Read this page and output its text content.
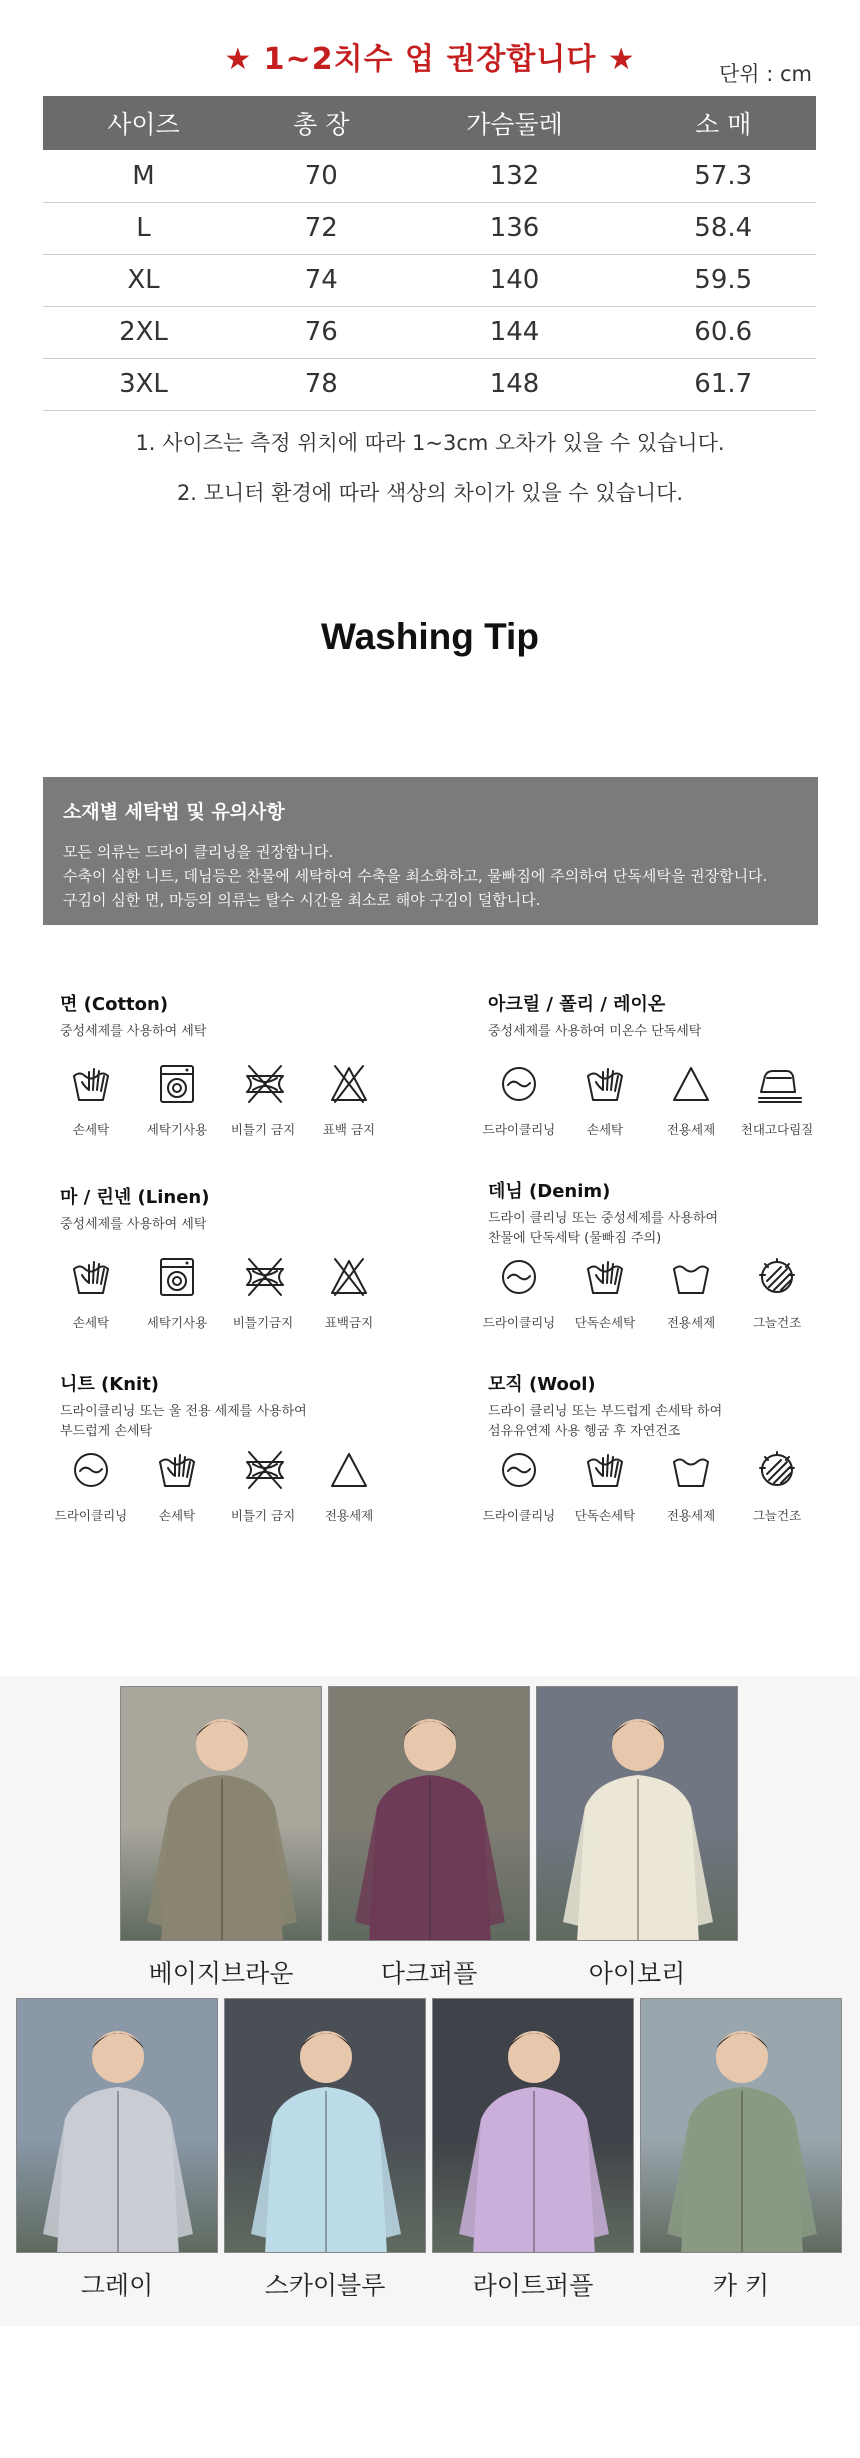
★ 1~2치수 업 권장합니다 ★	단위 : cm
사이즈	총 장	가슴둘레	소 매
M	70	132	57.3
L	72	136	58.4
XL	74	140	59.5
2XL	76	144	60.6
3XL	78	148	61.7
1. 사이즈는 측정 위치에 따라 1~3cm 오차가 있을 수 있습니다.
2. 모니터 환경에 따라 색상의 차이가 있을 수 있습니다.
Washing Tip
소재별 세탁법 및 유의사항
모든 의류는 드라이 클리닝을 권장합니다.
수축이 심한 니트, 데님등은 찬물에 세탁하여 수축을 최소화하고, 물빠짐에 주의하여 단독세탁을 권장합니다.
구김이 심한 면, 마등의 의류는 탈수 시간을 최소로 해야 구김이 덜합니다.
면 (Cotton)
중성세제를 사용하여 세탁
손세탁	세탁기사용	비틀기 금지	표백 금지
아크릴 / 폴리 / 레이온
중성세제를 사용하여 미온수 단독세탁
드라이클리닝	손세탁	전용세제	천대고다림질
마 / 린넨 (Linen)
중성세제를 사용하여 세탁
손세탁	세탁기사용	비틀기금지	표백금지
데님 (Denim)
드라이 클리닝 또는 중성세제를 사용하여
찬물에 단독세탁 (물빠짐 주의)
드라이클리닝	단독손세탁	전용세제	그늘건조
니트 (Knit)
드라이클리닝 또는 울 전용 세제를 사용하여
부드럽게 손세탁
드라이클리닝	손세탁	비틀기 금지	전용세제
모직 (Wool)
드라이 클리닝 또는 부드럽게 손세탁 하여
섬유유연제 사용 헹굼 후 자연건조
드라이클리닝	단독손세탁	전용세제	그늘건조
베이지브라운	다크퍼플	아이보리
그레이	스카이블루	라이트퍼플	카 키
